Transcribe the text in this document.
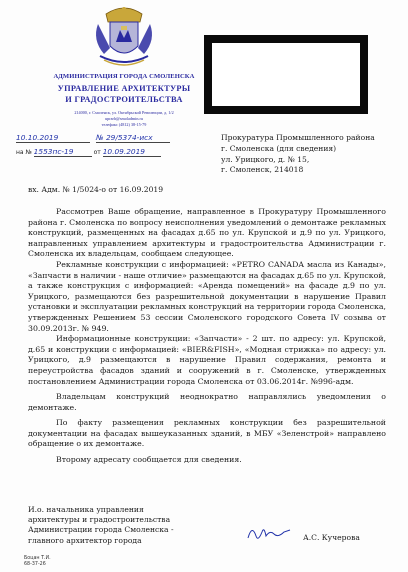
АДМИНИСТРАЦИЯ ГОРОДА СМОЛЕНСКА
УПРАВЛЕНИЕ АРХИТЕКТУРЫ
И ГРАДОСТРОИТЕЛЬСТВА
214000, г. Смоленск, ул. Октябрьской Революции, д. 1/2
uprarh@smoladmin.ru
телефакс (4812) 38-15-79
10.10.2019	№ 29/5374-исх
на № 1553пс-19	от 10.09.2019
Прокуратура Промышленного района
г. Смоленска (для сведения)
ул. Урицкого, д. № 15,
г. Смоленск, 214018
вх. Адм. № 1/5024-о от 16.09.2019

Рассмотрев Ваше обращение, направленное в Прокуратуру Промышленного района г. Смоленска по вопросу неисполнения уведомлений о демонтаже рекламных конструкций, размещенных на фасадах д.65 по ул. Крупской и д.9 по ул. Урицкого, направленных управлением архитектуры и градостроительства Администрации г. Смоленска их владельцам, сообщаем следующее.

Рекламные конструкции с информацией: «PETRO CANADA масла из Канады», «Запчасти в наличии - наше отличие» размещаются на фасадах д.65 по ул. Крупской, а также конструкция с информацией: «Аренда помещений» на фасаде д.9 по ул. Урицкого, размещаются без разрешительной документации в нарушение Правил установки и эксплуатации рекламных конструкций на территории города Смоленска, утвержденных Решением 53 сессии Смоленского городского Совета IV созыва от 30.09.2013г. № 949.

Информационные конструкции: «Запчасти» - 2 шт. по адресу: ул. Крупской, д.65 и конструкции с информацией: «BIER&FISH», «Модная стрижка» по адресу: ул. Урицкого, д.9 размещаются в нарушение Правил содержания, ремонта и переустройства фасадов зданий и сооружений в г. Смоленске, утвержденных постановлением Администрации города Смоленска от 03.06.2014г. №996-адм.

Владельцам конструкций неоднократно направлялись уведомления о демонтаже.

По факту размещения рекламных конструкции без разрешительной документации на фасадах вышеуказанных зданий, в МБУ «Зеленстрой» направлено обращение о их демонтаже.

Второму адресату сообщается для сведения.

И.о. начальника управления
архитектуры и градостроительства
Администрации города Смоленска -
главного архитектор города	А.С. Кучерова
Боцан Т.И.
68-37-26
